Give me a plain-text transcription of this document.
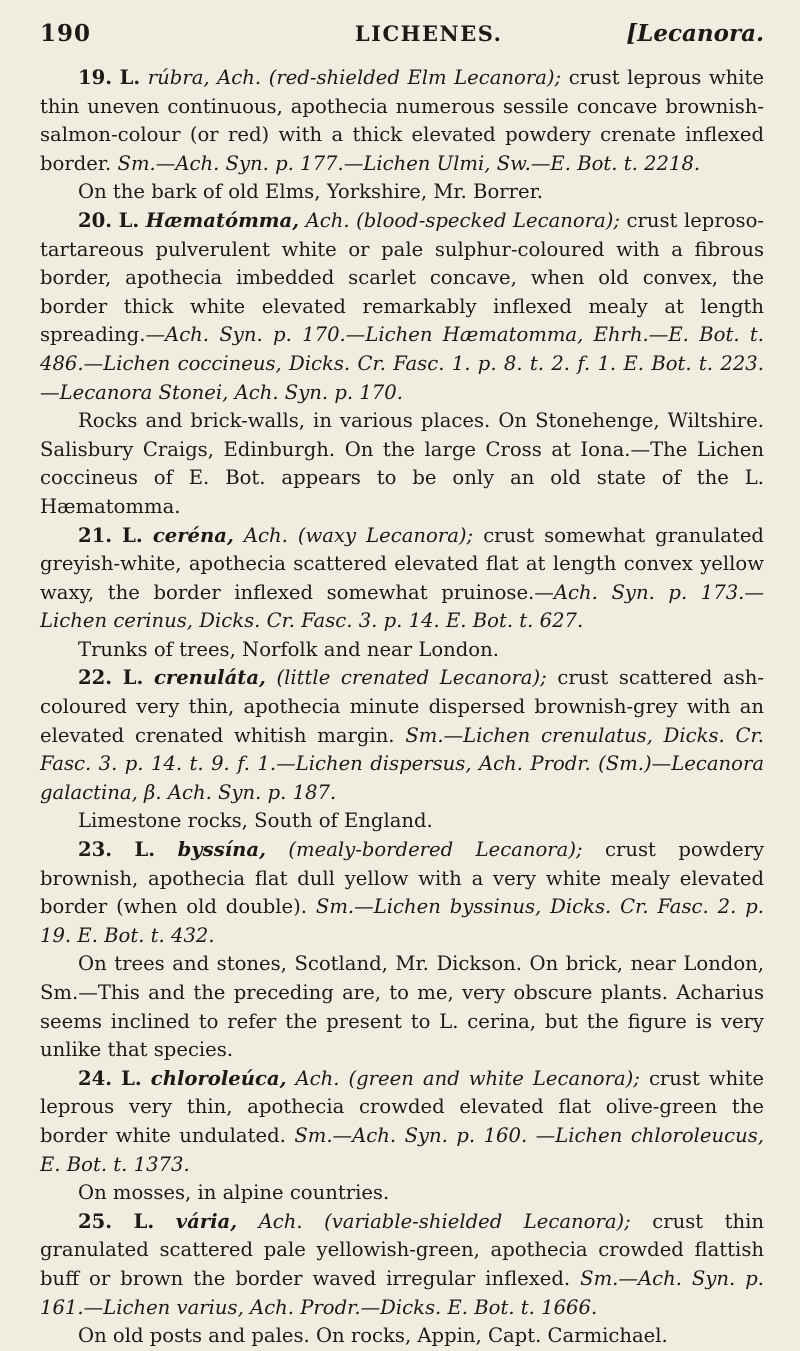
190	LICHENES.	[Lecanora.

19. L. rúbra, Ach. (red-shielded Elm Lecanora); crust leprous white thin uneven continuous, apothecia numerous sessile concave brownish-salmon-colour (or red) with a thick elevated powdery crenate inflexed border. Sm.—Ach. Syn. p. 177.—Lichen Ulmi, Sw.—E. Bot. t. 2218.

On the bark of old Elms, Yorkshire, Mr. Borrer.

20. L. Hæmatómma, Ach. (blood-specked Lecanora); crust leproso-tartareous pulverulent white or pale sulphur-coloured with a fibrous border, apothecia imbedded scarlet concave, when old convex, the border thick white elevated remarkably inflexed mealy at length spreading.—Ach. Syn. p. 170.—Lichen Hæmatomma, Ehrh.—E. Bot. t. 486.—Lichen coccineus, Dicks. Cr. Fasc. 1. p. 8. t. 2. f. 1. E. Bot. t. 223.—Lecanora Stonei, Ach. Syn. p. 170.

Rocks and brick-walls, in various places. On Stonehenge, Wiltshire. Salisbury Craigs, Edinburgh. On the large Cross at Iona.—The Lichen coccineus of E. Bot. appears to be only an old state of the L. Hæmatomma.

21. L. ceréna, Ach. (waxy Lecanora); crust somewhat granulated greyish-white, apothecia scattered elevated flat at length convex yellow waxy, the border inflexed somewhat pruinose.—Ach. Syn. p. 173.—Lichen cerinus, Dicks. Cr. Fasc. 3. p. 14. E. Bot. t. 627.

Trunks of trees, Norfolk and near London.

22. L. crenuláta, (little crenated Lecanora); crust scattered ash-coloured very thin, apothecia minute dispersed brownish-grey with an elevated crenated whitish margin. Sm.—Lichen crenulatus, Dicks. Cr. Fasc. 3. p. 14. t. 9. f. 1.—Lichen dispersus, Ach. Prodr. (Sm.)—Lecanora galactina, β. Ach. Syn. p. 187.

Limestone rocks, South of England.

23. L. byssína, (mealy-bordered Lecanora); crust powdery brownish, apothecia flat dull yellow with a very white mealy elevated border (when old double). Sm.—Lichen byssinus, Dicks. Cr. Fasc. 2. p. 19. E. Bot. t. 432.

On trees and stones, Scotland, Mr. Dickson. On brick, near London, Sm.—This and the preceding are, to me, very obscure plants. Acharius seems inclined to refer the present to L. cerina, but the figure is very unlike that species.

24. L. chloroleúca, Ach. (green and white Lecanora); crust white leprous very thin, apothecia crowded elevated flat olive-green the border white undulated. Sm.—Ach. Syn. p. 160. —Lichen chloroleucus, E. Bot. t. 1373.

On mosses, in alpine countries.

25. L. vária, Ach. (variable-shielded Lecanora); crust thin granulated scattered pale yellowish-green, apothecia crowded flattish buff or brown the border waved irregular inflexed. Sm.—Ach. Syn. p. 161.—Lichen varius, Ach. Prodr.—Dicks. E. Bot. t. 1666.

On old posts and pales. On rocks, Appin, Capt. Carmichael.
